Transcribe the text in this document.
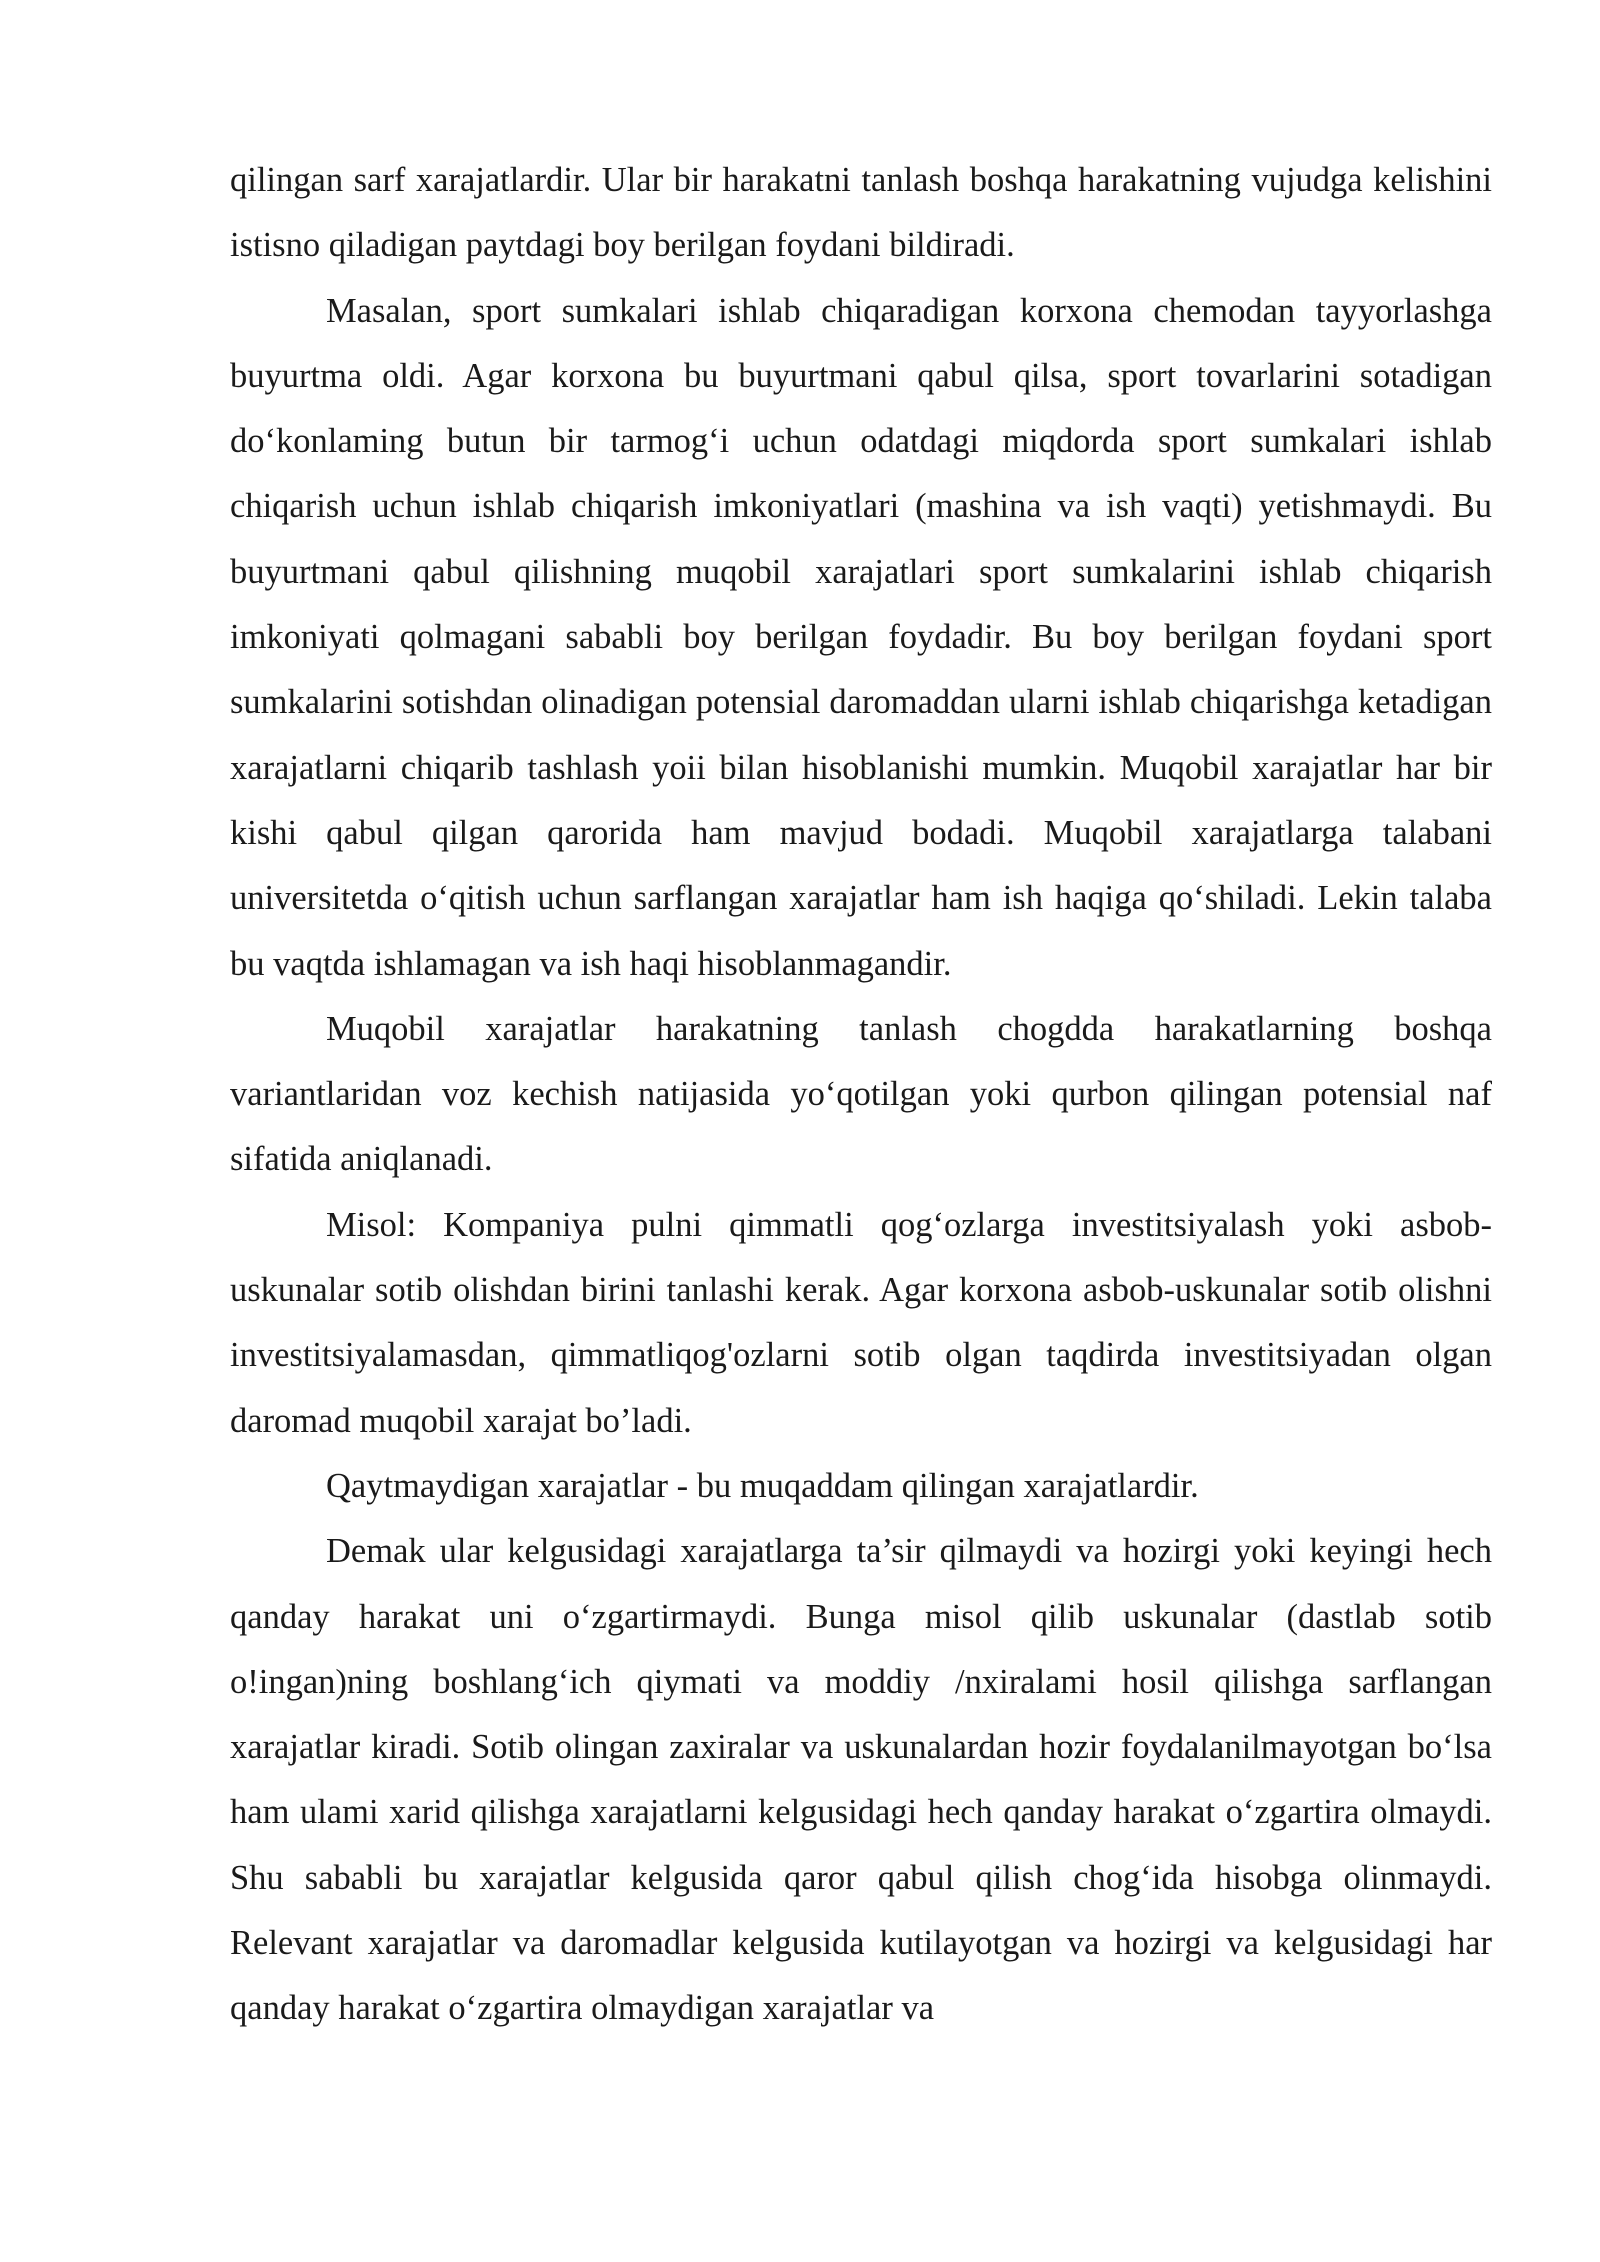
qilingan sarf xarajatlardir. Ular bir harakatni tanlash boshqa harakatning vujudga kelishini istisno qiladigan paytdagi boy berilgan foydani bildiradi.

Masalan, sport sumkalari ishlab chiqaradigan korxona chemodan tayyorlashga buyurtma oldi. Agar korxona bu buyurtmani qabul qilsa, sport tovarlarini sotadigan do‘konlaming butun bir tarmog‘i uchun odatdagi miqdorda sport sumkalari ishlab chiqarish uchun ishlab chiqarish imkoniyatlari (mashina va ish vaqti) yetishmaydi. Bu buyurtmani qabul qilishning muqobil xarajatlari sport sumkalarini ishlab chiqarish imkoniyati qolmagani sababli boy berilgan foydadir. Bu boy berilgan foydani sport sumkalarini sotishdan olinadigan potensial daromaddan ularni ishlab chiqarishga ketadigan xarajatlarni chiqarib tashlash yoii bilan hisoblanishi mumkin. Muqobil xarajatlar har bir kishi qabul qilgan qarorida ham mavjud bodadi. Muqobil xarajatlarga talabani universitetda o‘qitish uchun sarflangan xarajatlar ham ish haqiga qo‘shiladi. Lekin talaba bu vaqtda ishlamagan va ish haqi hisoblanmagandir.

Muqobil xarajatlar harakatning tanlash chogdda harakatlarning boshqa variantlaridan voz kechish natijasida yo‘qotilgan yoki qurbon qilingan potensial naf sifatida aniqlanadi.

Misol: Kompaniya pulni qimmatli qog‘ozlarga investitsiyalash yoki asbob-uskunalar sotib olishdan birini tanlashi kerak. Agar korxona asbob-uskunalar sotib olishni investitsiyalamasdan, qimmatliqog'ozlarni sotib olgan taqdirda investitsiyadan olgan daromad muqobil xarajat bo’ladi.

Qaytmaydigan xarajatlar - bu muqaddam qilingan xarajatlardir.

Demak ular kelgusidagi xarajatlarga ta’sir qilmaydi va hozirgi yoki keyingi hech qanday harakat uni o‘zgartirmaydi. Bunga misol qilib uskunalar (dastlab sotib o!ingan)ning boshlang‘ich qiymati va moddiy /nxiralami hosil qilishga sarflangan xarajatlar kiradi. Sotib olingan zaxiralar va uskunalardan hozir foydalanilmayotgan bo‘lsa ham ulami xarid qilishga xarajatlarni kelgusidagi hech qanday harakat o‘zgartira olmaydi. Shu sababli bu xarajatlar kelgusida qaror qabul qilish chog‘ida hisobga olinmaydi. Relevant xarajatlar va daromadlar kelgusida kutilayotgan va hozirgi va kelgusidagi har qanday harakat o‘zgartira olmaydigan xarajatlar va
